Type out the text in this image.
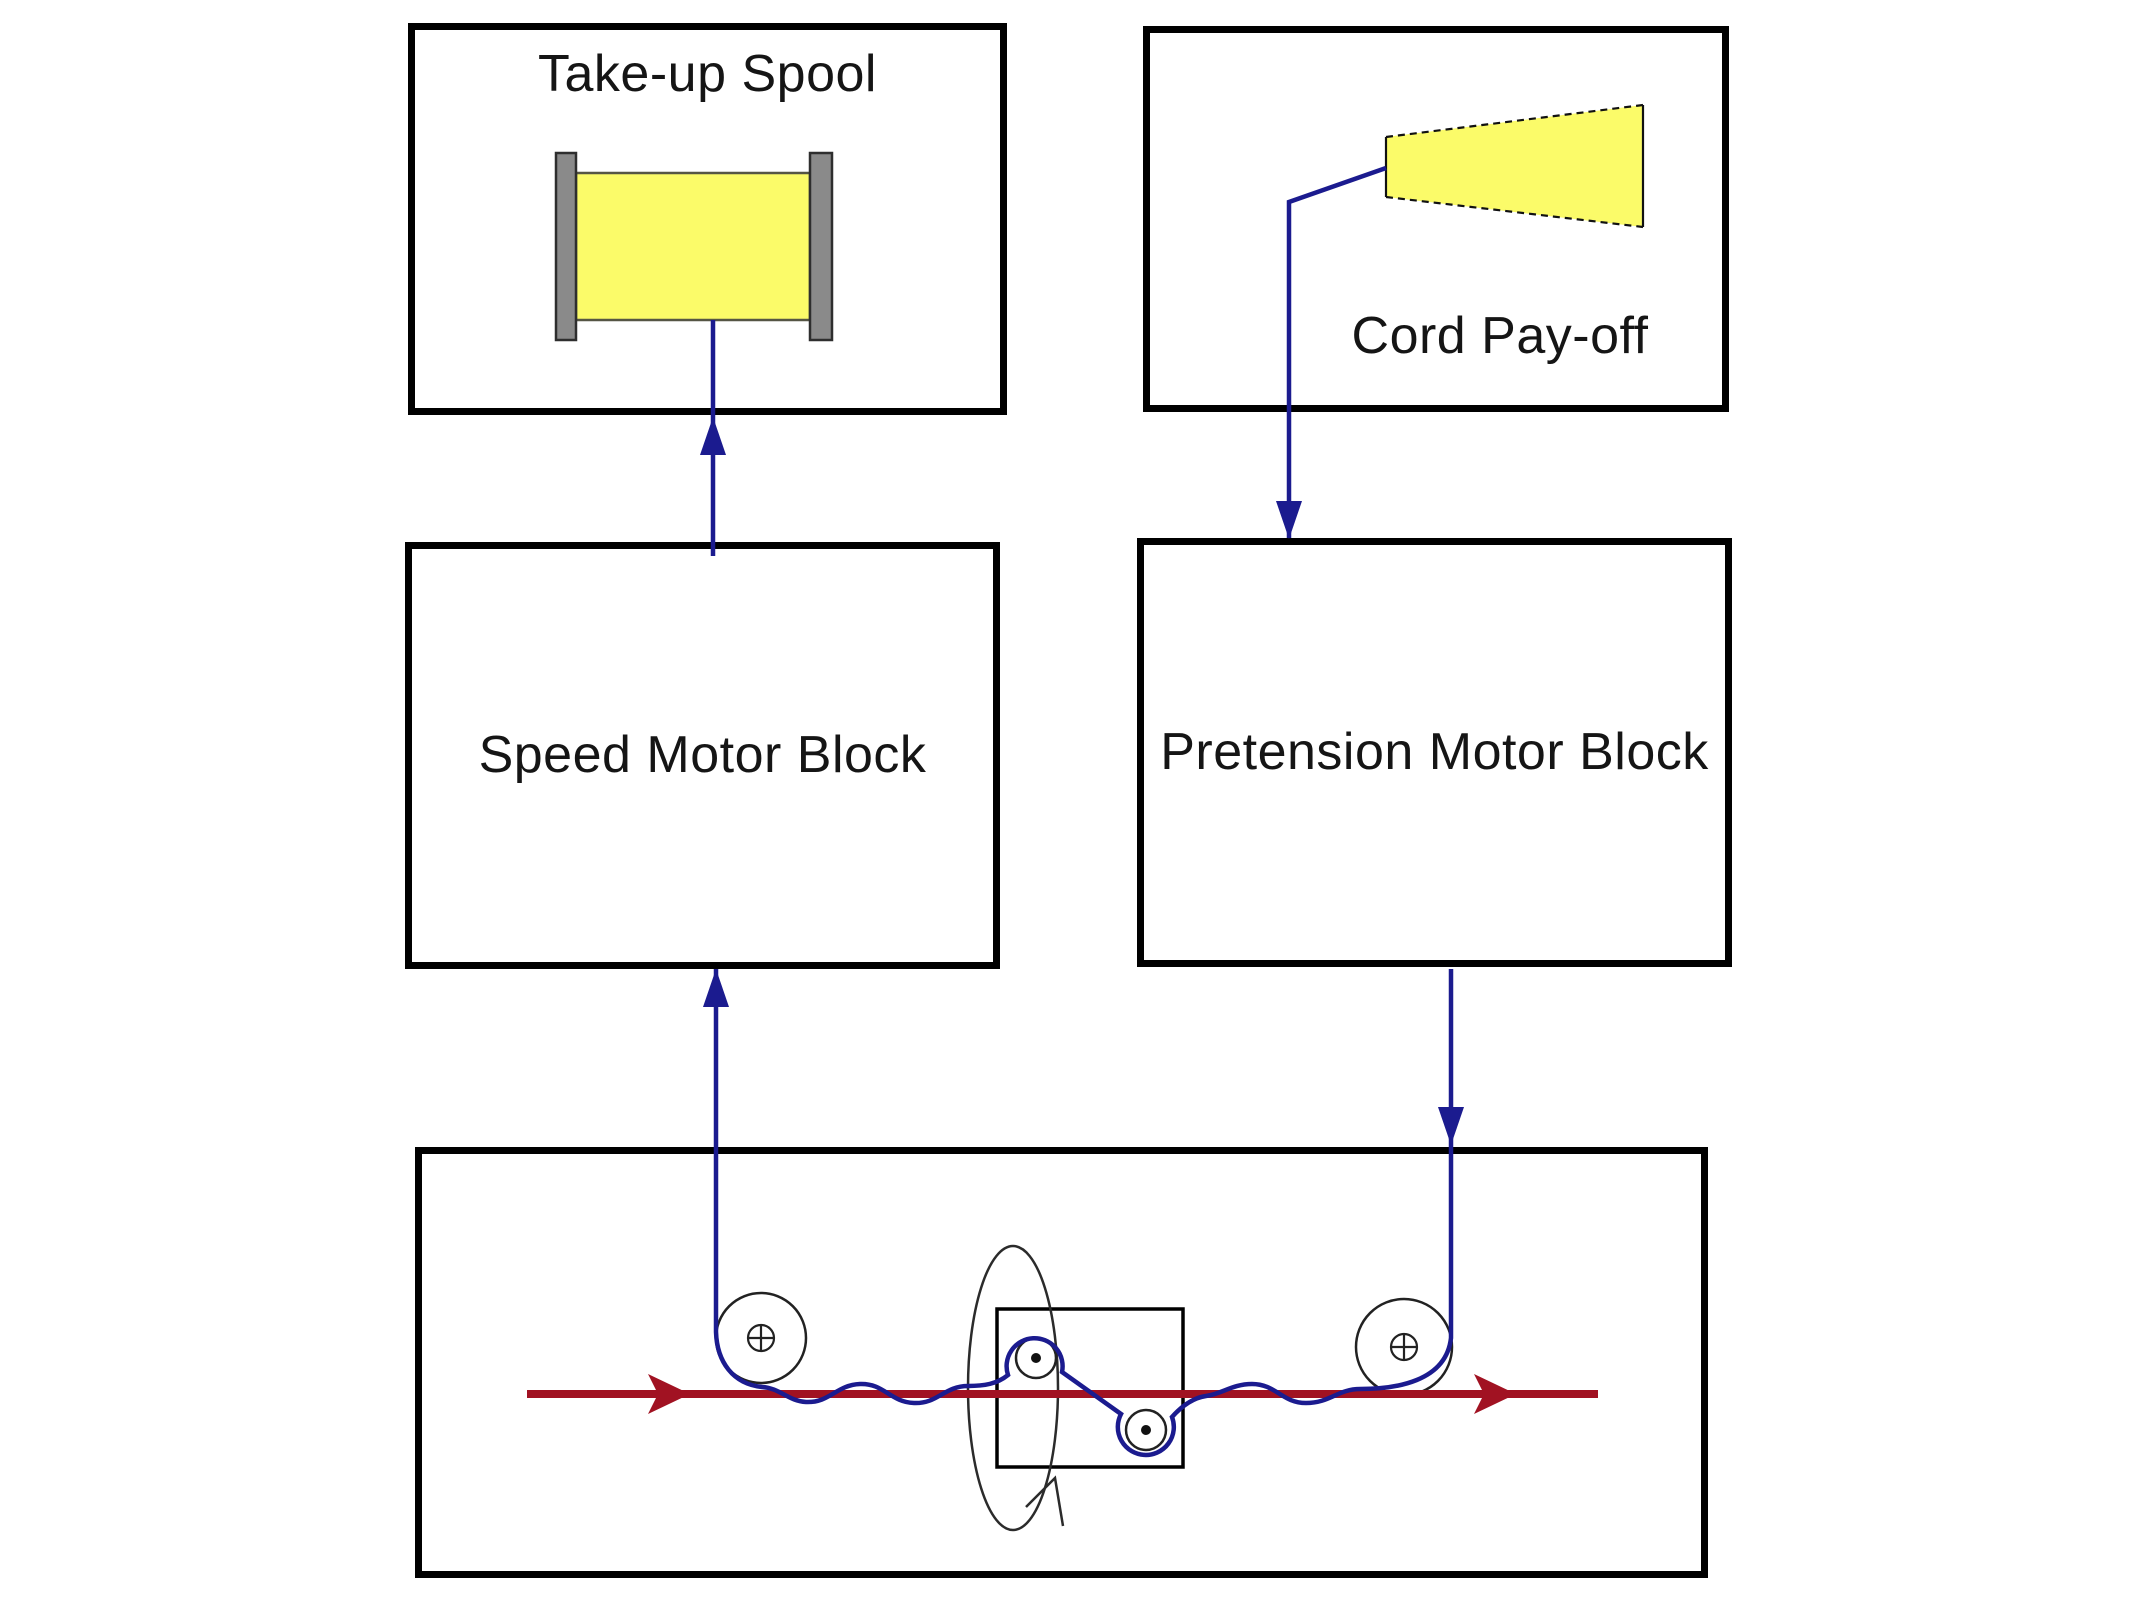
Take-up Spool
Cord Pay-off
Speed Motor Block	Pretension Motor Block
